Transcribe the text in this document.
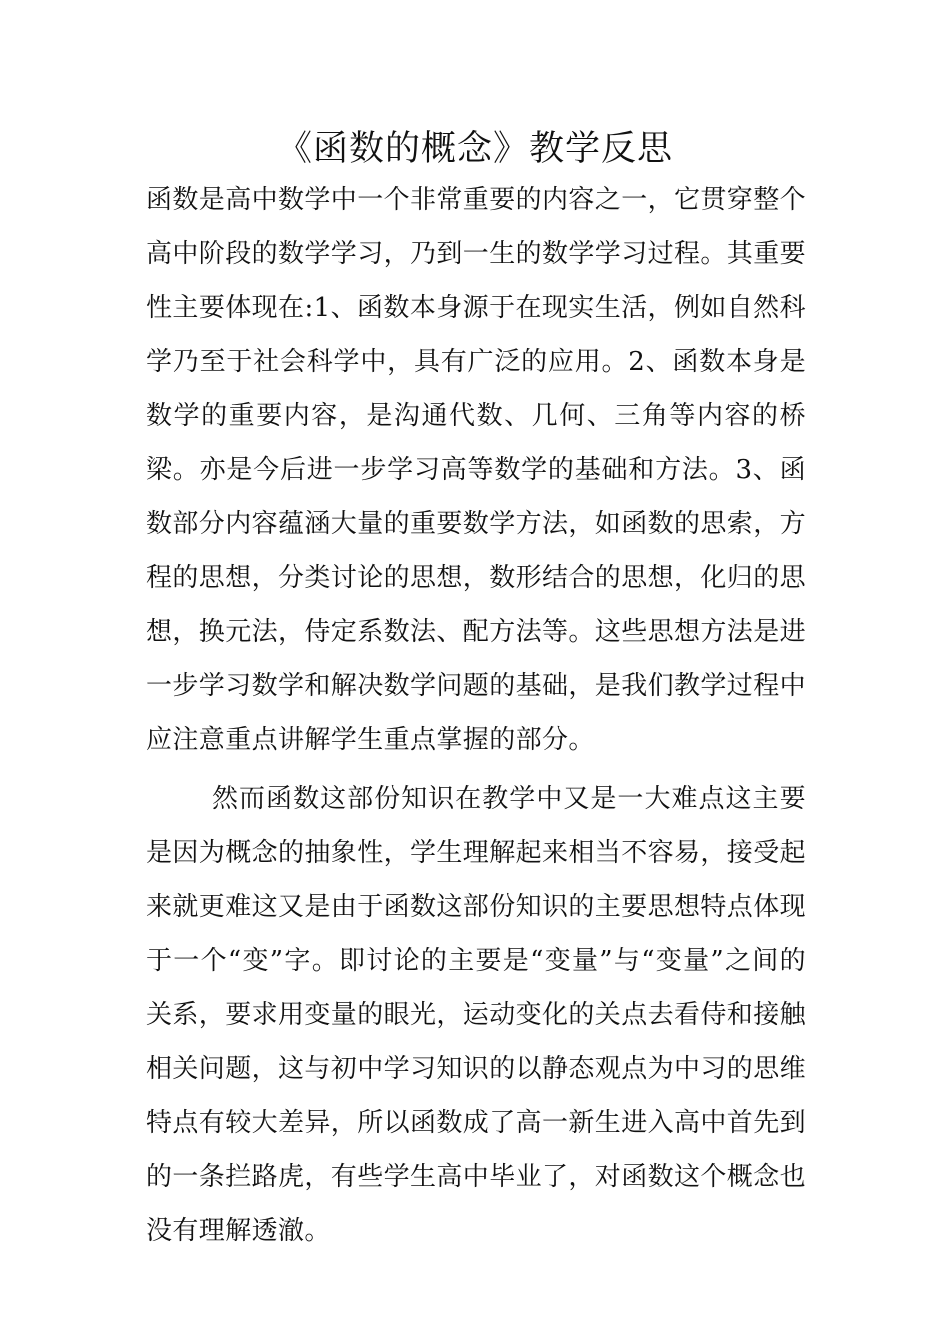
《函数的概念》教学反思

函数是高中数学中一个非常重要的内容之一，它贯穿整个高中阶段的数学学习，乃到一生的数学学习过程。其重要性主要体现在:1、函数本身源于在现实生活，例如自然科学乃至于社会科学中，具有广泛的应用。2、函数本身是数学的重要内容，是沟通代数、几何、三角等内容的桥梁。亦是今后进一步学习高等数学的基础和方法。3、函数部分内容蕴涵大量的重要数学方法，如函数的思索，方程的思想，分类讨论的思想，数形结合的思想，化归的思想，换元法，侍定系数法、配方法等。这些思想方法是进一步学习数学和解决数学问题的基础，是我们教学过程中应注意重点讲解学生重点掌握的部分。

然而函数这部份知识在教学中又是一大难点这主要是因为概念的抽象性，学生理解起来相当不容易，接受起来就更难这又是由于函数这部份知识的主要思想特点体现于一个“变”字。即讨论的主要是“变量”与“变量”之间的关系，要求用变量的眼光，运动变化的关点去看侍和接触相关问题，这与初中学习知识的以静态观点为中习的思维特点有较大差异，所以函数成了高一新生进入高中首先到的一条拦路虎，有些学生高中毕业了，对函数这个概念也没有理解透澈。
